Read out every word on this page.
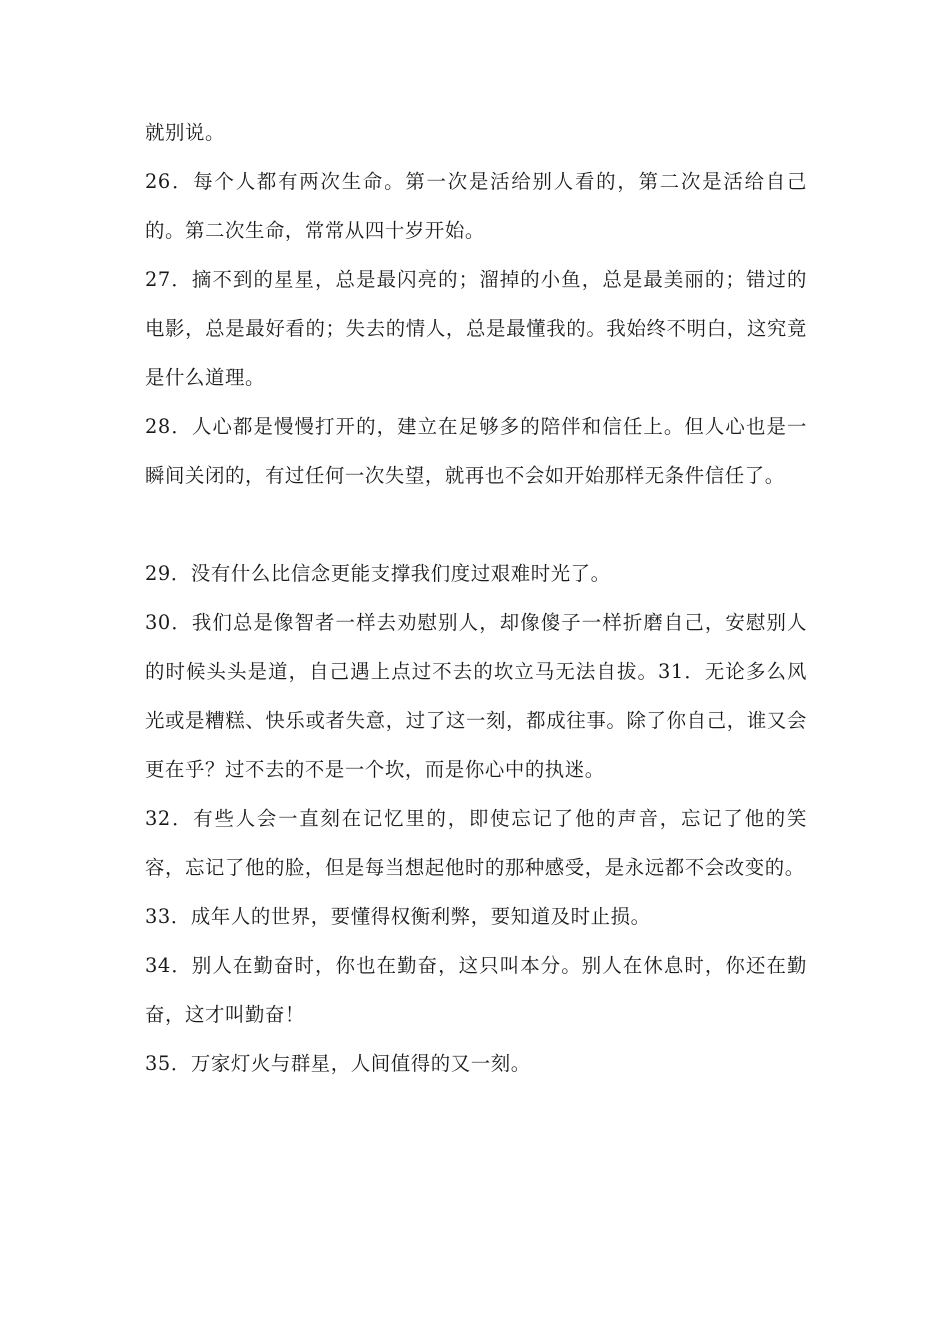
就别说。

26．每个人都有两次生命。第一次是活给别人看的，第二次是活给自己的。第二次生命，常常从四十岁开始。

27．摘不到的星星，总是最闪亮的；溜掉的小鱼，总是最美丽的；错过的电影，总是最好看的；失去的情人，总是最懂我的。我始终不明白，这究竟是什么道理。

28．人心都是慢慢打开的，建立在足够多的陪伴和信任上。但人心也是一瞬间关闭的，有过任何一次失望，就再也不会如开始那样无条件信任了。

29．没有什么比信念更能支撑我们度过艰难时光了。

30．我们总是像智者一样去劝慰别人，却像傻子一样折磨自己，安慰别人的时候头头是道，自己遇上点过不去的坎立马无法自拔。31．无论多么风光或是糟糕、快乐或者失意，过了这一刻，都成往事。除了你自己，谁又会更在乎？过不去的不是一个坎，而是你心中的执迷。

32．有些人会一直刻在记忆里的，即使忘记了他的声音，忘记了他的笑容，忘记了他的脸，但是每当想起他时的那种感受，是永远都不会改变的。

33．成年人的世界，要懂得权衡利弊，要知道及时止损。

34．别人在勤奋时，你也在勤奋，这只叫本分。别人在休息时，你还在勤奋，这才叫勤奋！

35．万家灯火与群星，人间值得的又一刻。
